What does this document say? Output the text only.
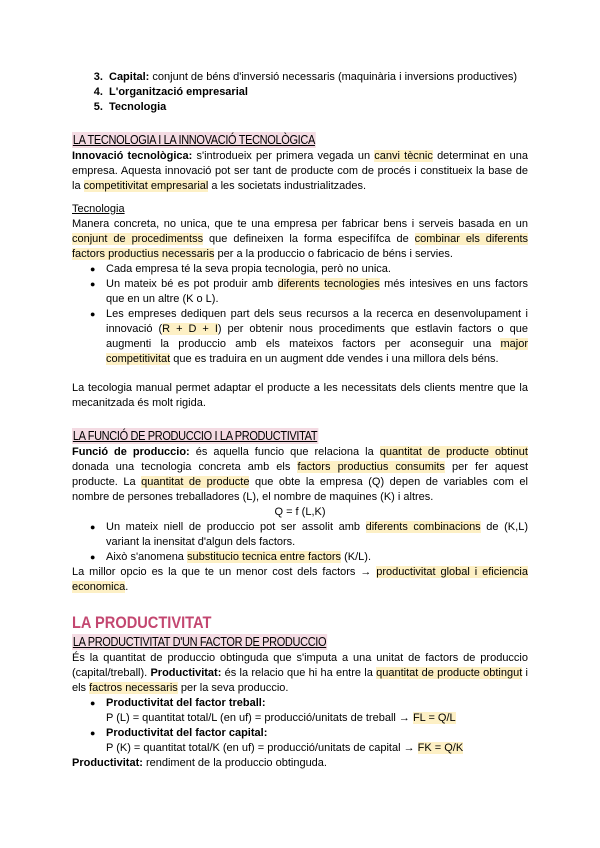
3. Capital: conjunt de béns d'inversió necessaris (maquinària i inversions productives)
4. L'organització empresarial
5. Tecnologia
LA TECNOLOGIA I LA INNOVACIÓ TECNOLÒGICA

Innovació tecnològica: s'introdueix per primera vegada un canvi tècnic determinat en una empresa. Aquesta innovació pot ser tant de producte com de procés i constitueix la base de la competitivitat empresarial a les societats industrialitzades.

Tecnologia

Manera concreta, no unica, que te una empresa per fabricar bens i serveis basada en un conjunt de procedimentss que defineixen la forma especifífca de combinar els diferents factors productius necessaris per a la produccio o fabricacio de béns i servies.

● Cada empresa té la seva propia tecnologia, però no unica.
● Un mateix bé es pot produir amb diferents tecnologies més intesives en uns factors que en un altre (K o L).
● Les empreses dediquen part dels seus recursos a la recerca en desenvolupament i innovació (R + D + I) per obtenir nous procediments que estlavin factors o que augmenti la produccio amb els mateixos factors per aconseguir una major competitivitat que es traduira en un augment dde vendes i una millora dels béns.

La tecologia manual permet adaptar el producte a les necessitats dels clients mentre que la mecanitzada és molt rigida.

LA FUNCIÓ DE PRODUCCIO I LA PRODUCTIVITAT

Funció de produccio: és aquella funcio que relaciona la quantitat de producte obtinut donada una tecnologia concreta amb els factors productius consumits per fer aquest producte. La quantitat de producte que obte la empresa (Q) depen de variables com el nombre de persones treballadores (L), el nombre de maquines (K) i altres.

Q = f (L,K)

● Un mateix niell de produccio pot ser assolit amb diferents combinacions de (K,L) variant la inensitat d'algun dels factors.
● Això s'anomena substitucio tecnica entre factors (K/L).

La millor opcio es la que te un menor cost dels factors → productivitat global i eficiencia economica.

LA PRODUCTIVITAT
LA PRODUCTIVITAT D'UN FACTOR DE PRODUCCIO

És la quantitat de produccio obtinguda que s'imputa a una unitat de factors de produccio (capital/treball). Productivitat: és la relacio que hi ha entre la quantitat de producte obtingut i els factros necessaris per la seva produccio.

● Productivitat del factor treball:
P (L) = quantitat total/L (en uf) = producció/unitats de treball → FL = Q/L
● Productivitat del factor capital:
P (K) = quantitat total/K (en uf) = producció/unitats de capital → FK = Q/K

Productivitat: rendiment de la produccio obtinguda.
